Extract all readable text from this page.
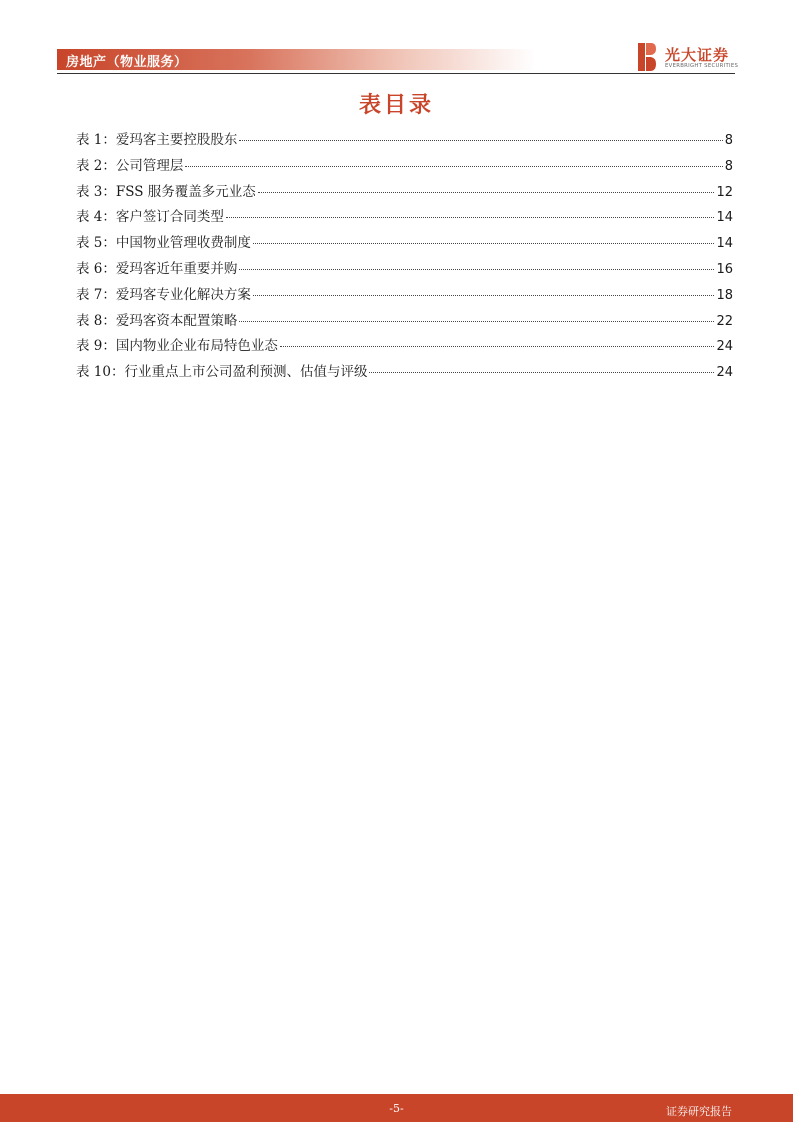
房地产（物业服务）	光大证券
EVERBRIGHT SECURITIES
表目录
表 1： 爱玛客主要控股股东	8
表 2： 公司管理层	8
表 3： FSS 服务覆盖多元业态	12
表 4： 客户签订合同类型	14
表 5： 中国物业管理收费制度	14
表 6： 爱玛客近年重要并购	16
表 7： 爱玛客专业化解决方案	18
表 8： 爱玛客资本配置策略	22
表 9： 国内物业企业布局特色业态	24
表 10： 行业重点上市公司盈利预测、估值与评级	24
-5-	证券研究报告
